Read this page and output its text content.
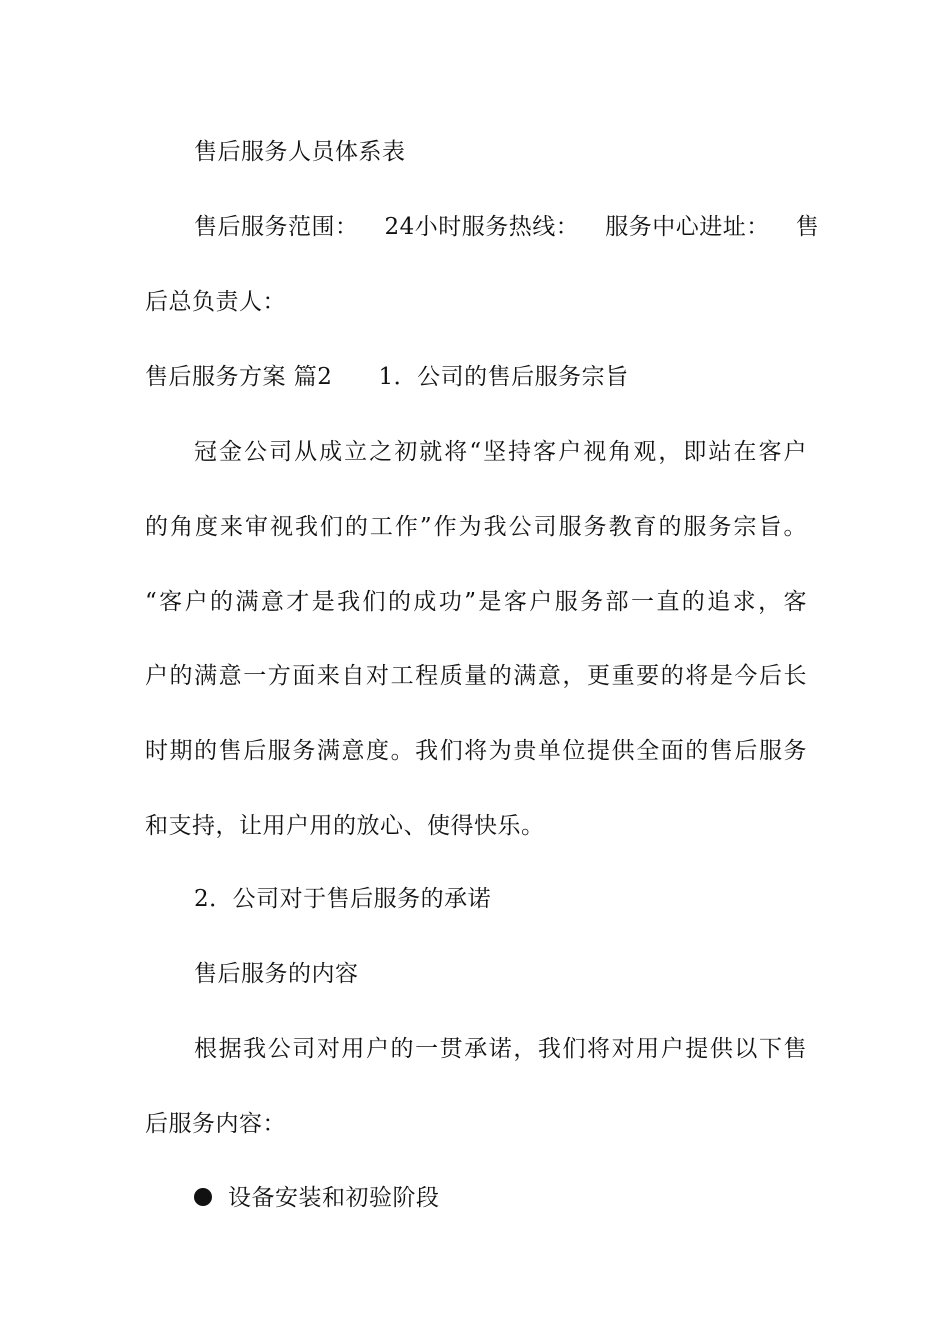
售后服务人员体系表
售后服务范围： 24小时服务热线： 服务中心进址： 售
后总负责人：
售后服务方案 篇2 1．公司的售后服务宗旨
冠金公司从成立之初就将“坚持客户视角观，即站在客户
的角度来审视我们的工作”作为我公司服务教育的服务宗旨。
“客户的满意才是我们的成功”是客户服务部一直的追求，客
户的满意一方面来自对工程质量的满意，更重要的将是今后长
时期的售后服务满意度。我们将为贵单位提供全面的售后服务
和支持，让用户用的放心、使得快乐。
2．公司对于售后服务的承诺
售后服务的内容
根据我公司对用户的一贯承诺，我们将对用户提供以下售
后服务内容：
设备安装和初验阶段
